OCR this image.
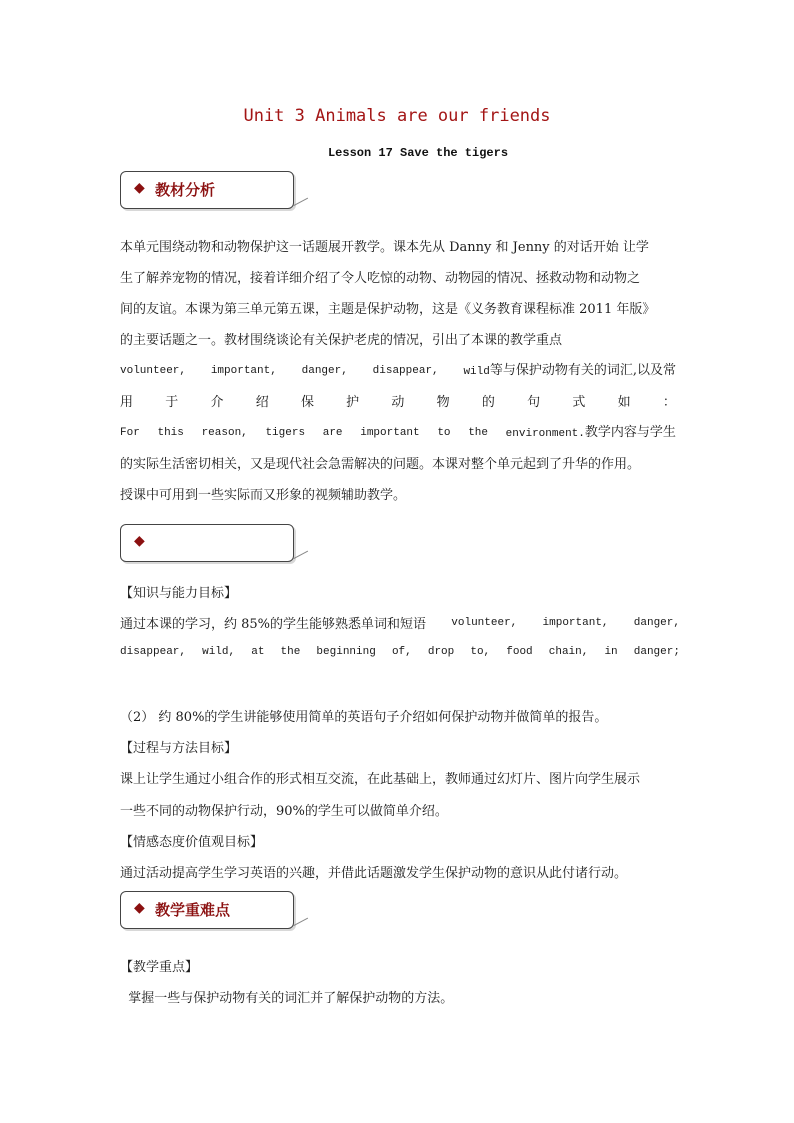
Unit 3 Animals are our friends
Lesson 17 Save the tigers
◆ 教材分析
本单元围绕动物和动物保护这一话题展开教学。课本先从 Danny 和 Jenny 的对话开始 让学
生了解养宠物的情况，接着详细介绍了令人吃惊的动物、动物园的情况、拯救动物和动物之
间的友谊。本课为第三单元第五课，主题是保护动物，这是《义务教育课程标准 2011 年版》
的主要话题之一。教材围绕谈论有关保护老虎的情况，引出了本课的教学重点
volunteer, important, danger, disappear, wild等与保护动物有关的词汇,以及常
用 于 介 绍 保 护 动 物 的 句 式 如 ：
For this reason, tigers are important to the environment.教学内容与学生
的实际生活密切相关，又是现代社会急需解决的问题。本课对整个单元起到了升华的作用。
授课中可用到一些实际而又形象的视频辅助教学。
◆
【知识与能力目标】
通过本课的学习，约 85%的学生能够熟悉单词和短语 volunteer, important, danger,
disappear, wild, at the beginning of, drop to, food chain, in danger;
（2） 约 80%的学生讲能够使用简单的英语句子介绍如何保护动物并做简单的报告。
【过程与方法目标】
课上让学生通过小组合作的形式相互交流，在此基础上，教师通过幻灯片、图片向学生展示
一些不同的动物保护行动，90%的学生可以做简单介绍。
【情感态度价值观目标】
通过活动提高学生学习英语的兴趣，并借此话题激发学生保护动物的意识从此付诸行动。
◆ 教学重难点
【教学重点】
掌握一些与保护动物有关的词汇并了解保护动物的方法。
